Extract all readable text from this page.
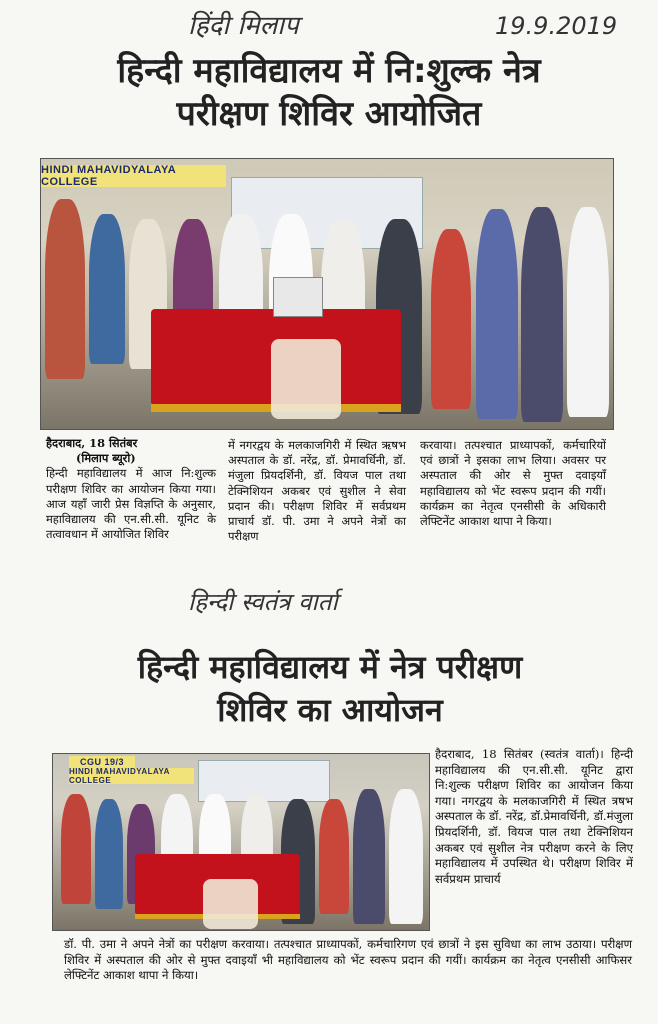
हिंदी मिलाप	19.9.2019
हिन्दी महाविद्यालय में नि:शुल्क नेत्र
परीक्षण शिविर आयोजित
HINDI MAHAVIDYALAYA COLLEGE
हैदराबाद, 18 सितंबर
(मिलाप ब्यूरो)
हिन्दी महाविद्यालय में आज नि:शुल्क परीक्षण शिविर का आयोजन किया गया। आज यहाँ जारी प्रेस विज्ञप्ति के अनुसार, महाविद्यालय की एन.सी.सी. यूनिट के तत्वावधान में आयोजित शिविर
में नगरद्वय के मलकाजगिरी में स्थित ऋषभ अस्पताल के डॉ. नरेंद्र, डॉ. प्रेमावर्धिनी, डॉ. मंजुला प्रियदर्शिनी, डॉ. वियज पाल तथा टेक्निशियन अकबर एवं सुशील ने सेवा प्रदान की। परीक्षण शिविर में सर्वप्रथम प्राचार्य डॉ. पी. उमा ने अपने नेत्रों का परीक्षण
करवाया। तत्पश्चात प्राध्यापकों, कर्मचारियों एवं छात्रों ने इसका लाभ लिया। अवसर पर अस्पताल की ओर से मुफ्त दवाइयाँ महाविद्यालय को भेंट स्वरूप प्रदान की गयीं। कार्यक्रम का नेतृत्व एनसीसी के अधिकारी लेफ्टिनेंट आकाश थापा ने किया।
हिन्दी स्वतंत्र वार्ता
हिन्दी महाविद्यालय में नेत्र परीक्षण
शिविर का आयोजन
CGU 19/3
HINDI MAHAVIDYALAYA COLLEGE
हैदराबाद, 18 सितंबर (स्वतंत्र वार्ता)। हिन्दी महाविद्यालय की एन.सी.सी. यूनिट द्वारा नि:शुल्क परीक्षण शिविर का आयोजन किया गया। नगरद्वय के मलकाजगिरी में स्थित त्रषभ अस्पताल के डॉ. नरेंद्र, डॉ.प्रेमावर्धिनी, डॉ.मंजुला प्रियदर्शिनी, डॉ. वियज पाल तथा टेक्निशियन अकबर एवं सुशील नेत्र परीक्षण करने के लिए महाविद्यालय में उपस्थित थे। परीक्षण शिविर में सर्वप्रथम प्राचार्य
डॉ. पी. उमा ने अपने नेत्रों का परीक्षण करवाया। तत्पश्चात प्राध्यापकों, कर्मचारिगण एवं छात्रों ने इस सुविधा का लाभ उठाया। परीक्षण शिविर में अस्पताल की ओर से मुफ्त दवाइयाँ भी महाविद्यालय को भेंट स्वरूप प्रदान की गयीं। कार्यक्रम का नेतृत्व एनसीसी आफिसर लेफ्टिनेंट आकाश थापा ने किया।
